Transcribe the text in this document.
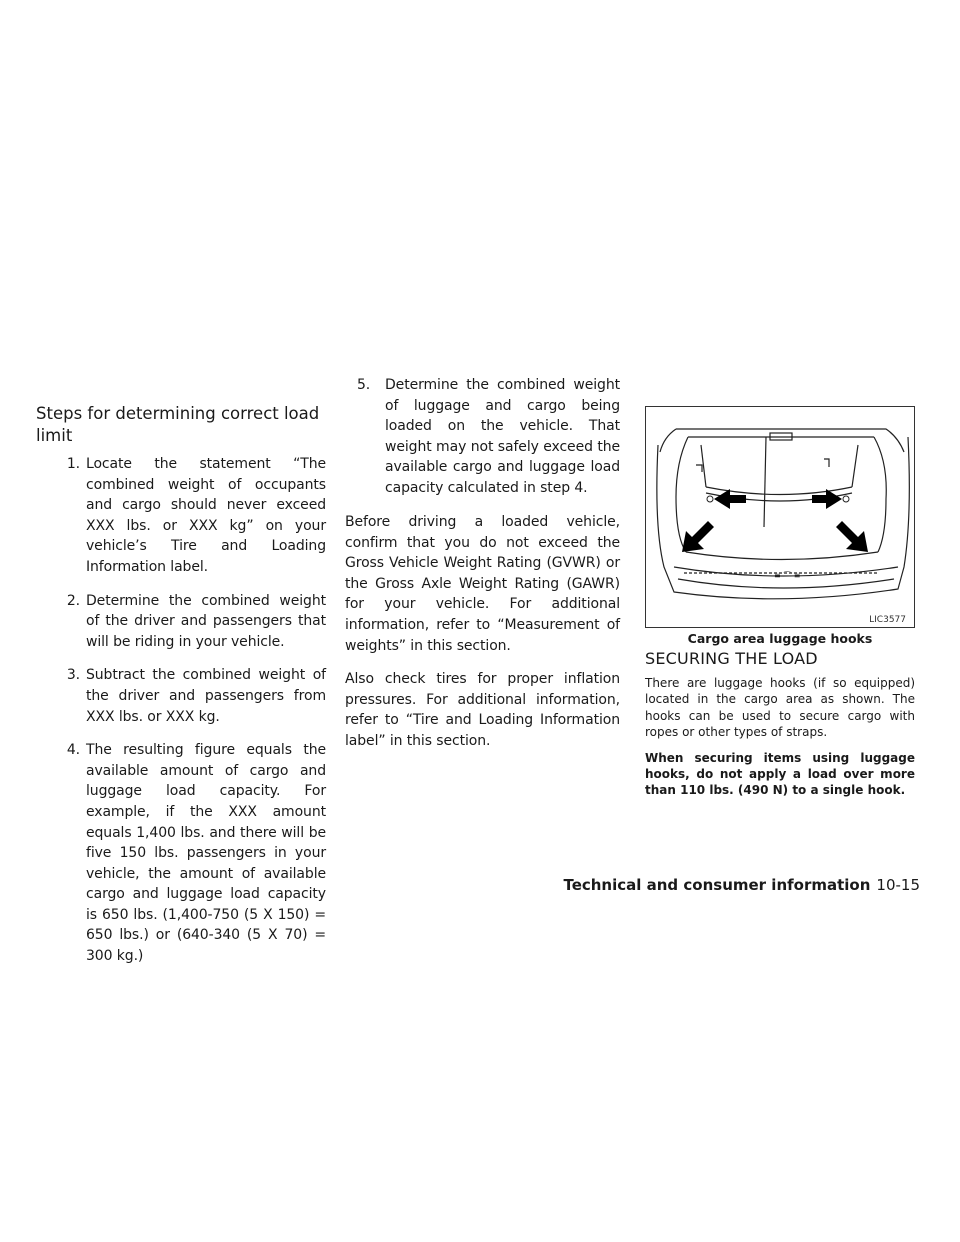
Steps for determining correct load limit
1. Locate the statement “The combined weight of occupants and cargo should never exceed XXX lbs. or XXX kg” on your vehicle’s Tire and Loading Information label.
2. Determine the combined weight of the driver and passengers that will be riding in your vehicle.
3. Subtract the combined weight of the driver and passengers from XXX lbs. or XXX kg.
4. The resulting figure equals the available amount of cargo and luggage load capacity. For example, if the XXX amount equals 1,400 lbs. and there will be five 150 lbs. passengers in your vehicle, the amount of available cargo and luggage load capacity is 650 lbs. (1,400-750 (5 X 150) = 650 lbs.) or (640-340 (5 X 70) = 300 kg.)
5. Determine the combined weight of luggage and cargo being loaded on the vehicle. That weight may not safely exceed the available cargo and luggage load capacity calculated in step 4.

Before driving a loaded vehicle, confirm that you do not exceed the Gross Vehicle Weight Rating (GVWR) or the Gross Axle Weight Rating (GAWR) for your vehicle. For additional information, refer to “Measurement of weights” in this section.

Also check tires for proper inflation pressures. For additional information, refer to “Tire and Loading Information label” in this section.

≡ ⌒ ≡
LIC3577
Cargo area luggage hooks
SECURING THE LOAD

There are luggage hooks (if so equipped) located in the cargo area as shown. The hooks can be used to secure cargo with ropes or other types of straps.

When securing items using luggage hooks, do not apply a load over more than 110 lbs. (490 N) to a single hook.

Technical and consumer information 10-15
